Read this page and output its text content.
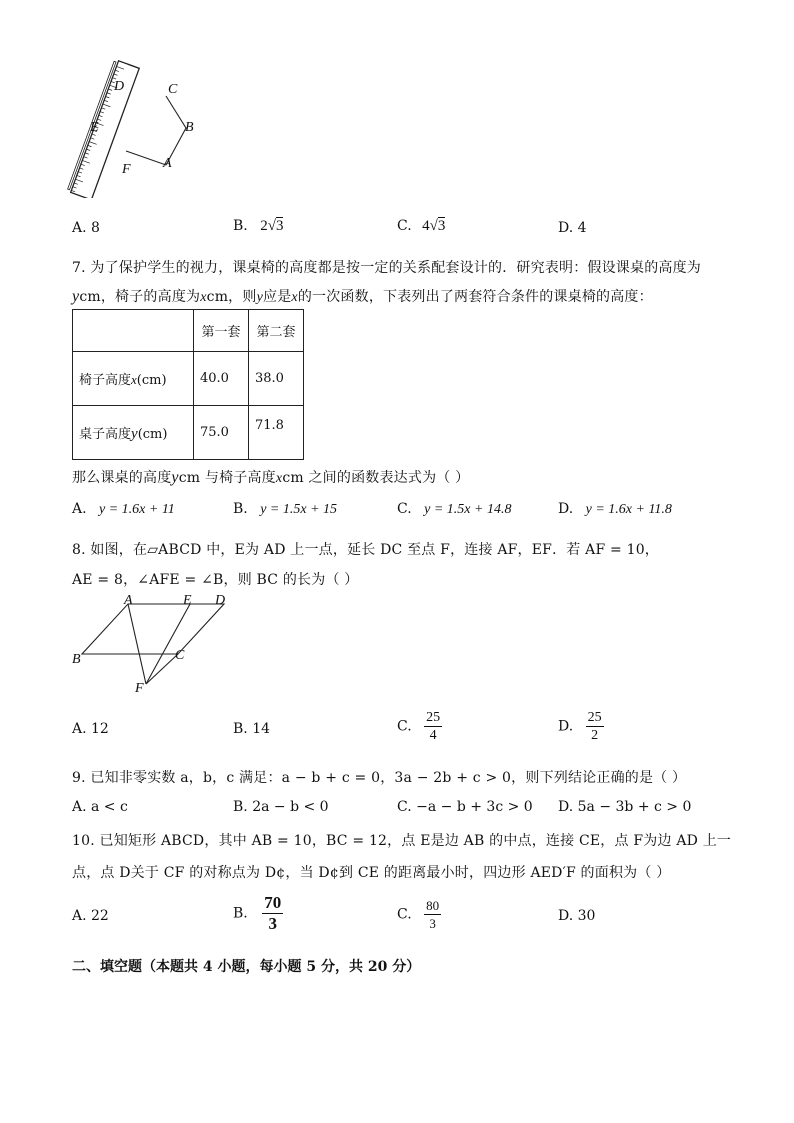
D	C
E	B
F A
A. 8	B. 2√3	C. 4√3	D. 4
7. 为了保护学生的视力，课桌椅的高度都是按一定的关系配套设计的．研究表明：假设课桌的高度为
ycm，椅子的高度为xcm，则y应是x的一次函数，下表列出了两套符合条件的课桌椅的高度：
	第一套	第二套
椅子高度x(cm)	40.0	38.0
桌子高度y(cm)	75.0	71.8
那么课桌的高度ycm 与椅子高度xcm 之间的函数表达式为（ ）
A. y = 1.6x + 11	B. y = 1.5x + 15	C. y = 1.5x + 14.8	D. y = 1.6x + 11.8
8. 如图，在▱ABCD 中，E为 AD 上一点，延长 DC 至点 F，连接 AF，EF．若 AF = 10，
AE = 8，∠AFE = ∠B，则 BC 的长为（ ）
A	E D
B	C
F
A. 12	B. 14	C. $\frac{25}{4}$	D. $\frac{25}{2}$
9. 已知非零实数 a，b，c 满足：a − b + c = 0，3a − 2b + c > 0，则下列结论正确的是（ ）
A. a < c	B. 2a − b < 0	C. −a − b + 3c > 0 D. 5a − 3b + c > 0
10. 已知矩形 ABCD，其中 AB = 10，BC = 12，点 E是边 AB 的中点，连接 CE，点 F为边 AD 上一
点，点 D关于 CF 的对称点为 D¢，当 D¢到 CE 的距离最小时，四边形 AED′F 的面积为（ ）
A. 22	B. $\frac{70}{3}$	C. $\frac{80}{3}$	D. 30
二、填空题（本题共 4 小题，每小题 5 分，共 20 分）
